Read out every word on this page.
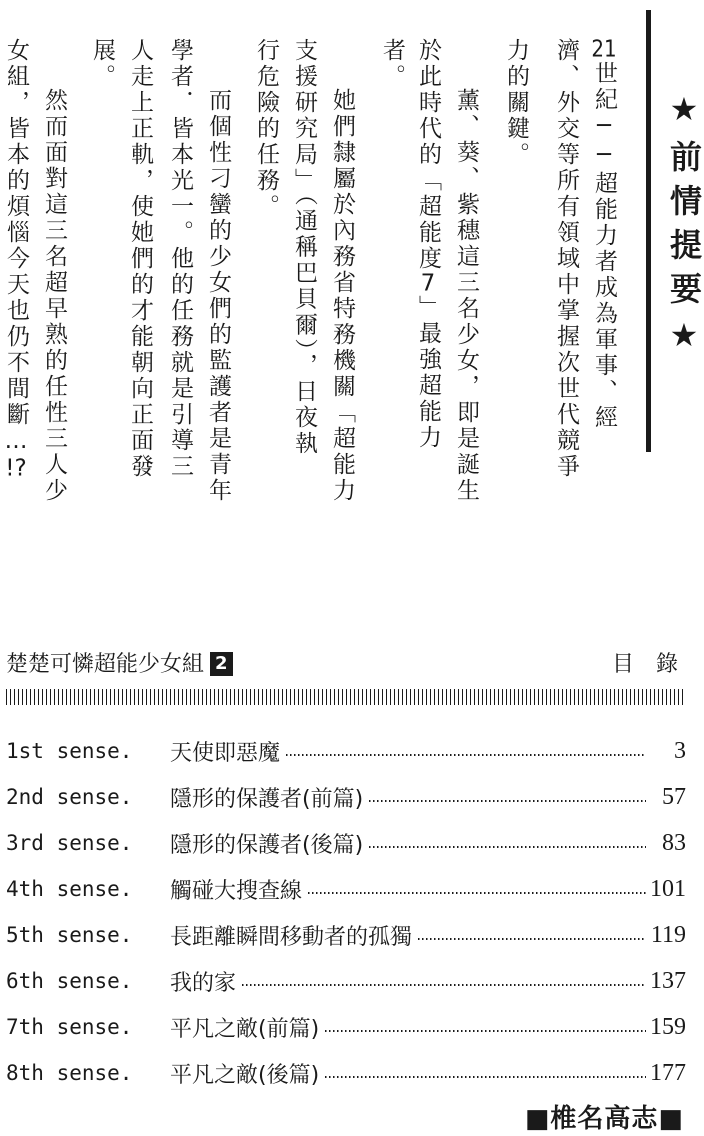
★前情提要★
21世紀──超能力者成為軍事、經
濟、外交等所有領域中掌握次世代競爭
力的關鍵。
薰、葵、紫穗這三名少女，即是誕生
於此時代的「超能度7」最強超能力
者。
她們隸屬於內務省特務機關「超能力
支援研究局」（通稱巴貝爾），日夜執
行危險的任務。
而個性刁蠻的少女們的監護者是青年
學者．皆本光一。他的任務就是引導三
人走上正軌，使她們的才能朝向正面發
展。
然而面對這三名超早熟的任性三人少
女組，皆本的煩惱今天也仍不間斷…!?
楚楚可憐超能少女組 2	目錄
1st sense.	天使即惡魔	3
2nd sense.	隱形的保護者(前篇)	57
3rd sense.	隱形的保護者(後篇)	83
4th sense.	觸碰大搜查線	101
5th sense.	長距離瞬間移動者的孤獨	119
6th sense.	我的家	137
7th sense.	平凡之敵(前篇)	159
8th sense.	平凡之敵(後篇)	177
■椎名高志■
